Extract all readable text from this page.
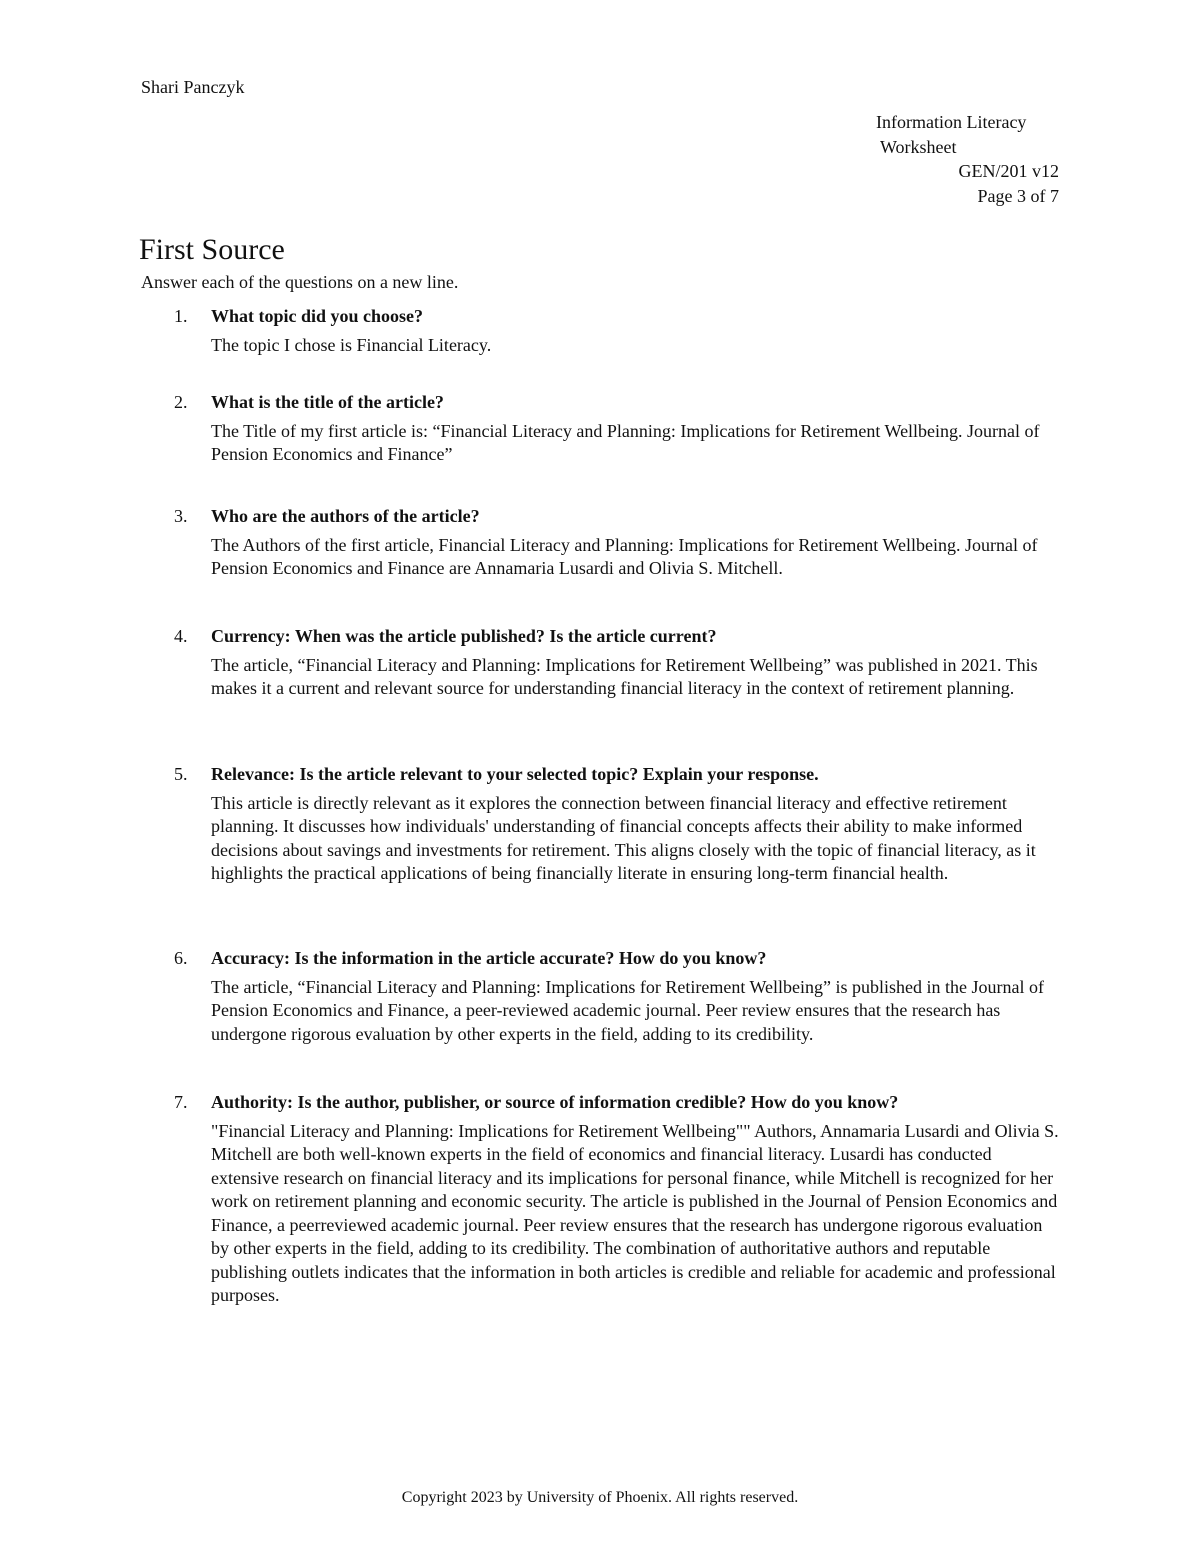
Shari Panczyk
Information Literacy
Worksheet
GEN/201 v12
Page 3 of 7
First Source
Answer each of the questions on a new line.
1.	What topic did you choose?
The topic I chose is Financial Literacy.
2.	What is the title of the article?
The Title of my first article is: “Financial Literacy and Planning: Implications for Retirement Wellbeing. Journal of Pension Economics and Finance”
3.	Who are the authors of the article?
The Authors of the first article, Financial Literacy and Planning: Implications for Retirement Wellbeing. Journal of Pension Economics and Finance are Annamaria Lusardi and Olivia S. Mitchell.
4.	Currency: When was the article published? Is the article current?
The article, “Financial Literacy and Planning: Implications for Retirement Wellbeing” was published in 2021. This makes it a current and relevant source for understanding financial literacy in the context of retirement planning.
5.	Relevance: Is the article relevant to your selected topic? Explain your response.
This article is directly relevant as it explores the connection between financial literacy and effective retirement planning. It discusses how individuals' understanding of financial concepts affects their ability to make informed decisions about savings and investments for retirement. This aligns closely with the topic of financial literacy, as it highlights the practical applications of being financially literate in ensuring long-term financial health.
6.	Accuracy: Is the information in the article accurate? How do you know?
The article, “Financial Literacy and Planning: Implications for Retirement Wellbeing” is published in the Journal of Pension Economics and Finance, a peer-reviewed academic journal. Peer review ensures that the research has undergone rigorous evaluation by other experts in the field, adding to its credibility.
7.	Authority: Is the author, publisher, or source of information credible? How do you know?
"Financial Literacy and Planning: Implications for Retirement Wellbeing"" Authors, Annamaria Lusardi and Olivia S. Mitchell are both well-known experts in the field of economics and financial literacy. Lusardi has conducted extensive research on financial literacy and its implications for personal finance, while Mitchell is recognized for her work on retirement planning and economic security. The article is published in the Journal of Pension Economics and Finance, a peerreviewed academic journal. Peer review ensures that the research has undergone rigorous evaluation by other experts in the field, adding to its credibility. The combination of authoritative authors and reputable publishing outlets indicates that the information in both articles is credible and reliable for academic and professional purposes.
Copyright 2023 by University of Phoenix. All rights reserved.
